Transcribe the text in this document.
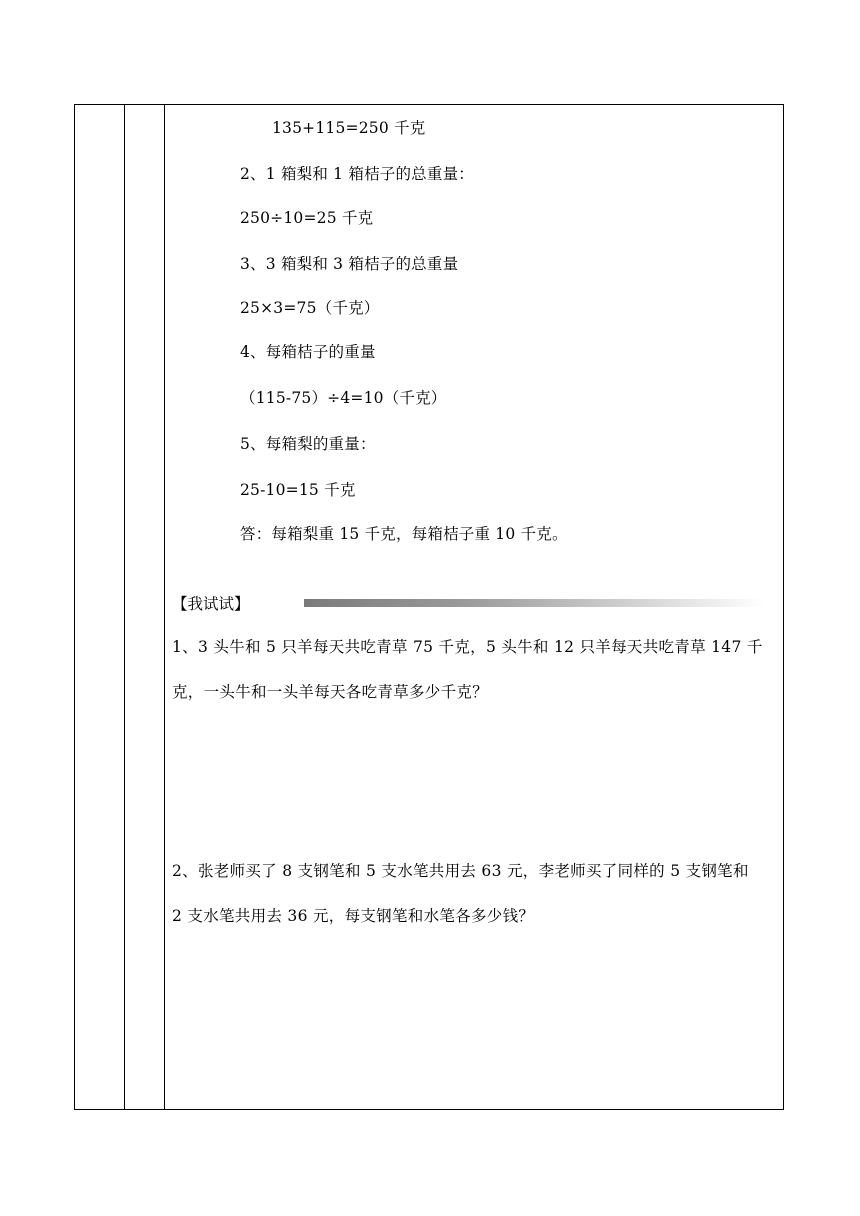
135+115=250 千克
2、1 箱梨和 1 箱桔子的总重量：
250÷10=25 千克
3、3 箱梨和 3 箱桔子的总重量
25×3=75（千克）
4、每箱桔子的重量
（115-75）÷4=10（千克）
5、每箱梨的重量：
25-10=15 千克
答：每箱梨重 15 千克，每箱桔子重 10 千克。
【我试试】
1、3 头牛和 5 只羊每天共吃青草 75 千克，5 头牛和 12 只羊每天共吃青草 147 千
克，一头牛和一头羊每天各吃青草多少千克？
2、张老师买了 8 支钢笔和 5 支水笔共用去 63 元，李老师买了同样的 5 支钢笔和
2 支水笔共用去 36 元，每支钢笔和水笔各多少钱？
